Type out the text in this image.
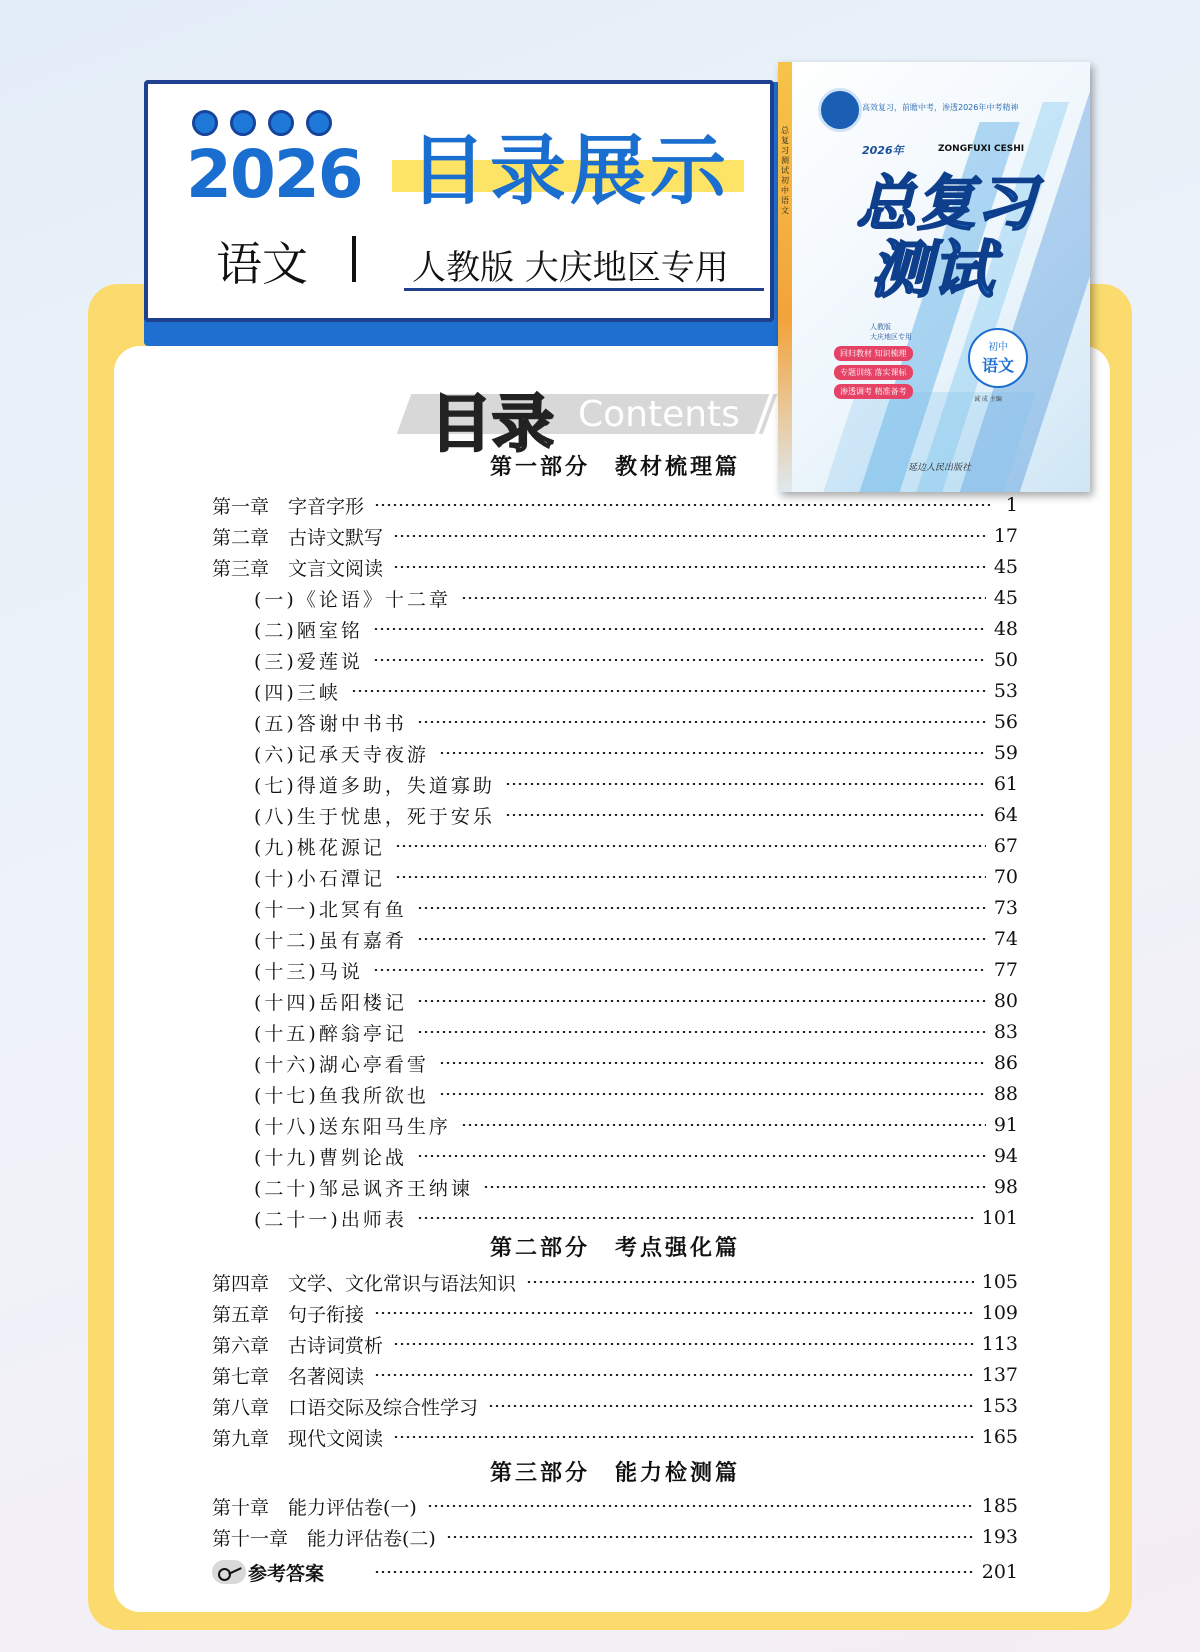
2026 目录展示
语文	人教版 大庆地区专用
目录 Contents
总复习测试初中语文
高效复习，前瞻中考，渗透2026年中考精神
2026年	ZONGFUXI CESHI
总复习
测试
人教版
大庆地区专用
回归教材 知识梳理
专题训练 落实课标
渗透调考 精准备考
初中
语文
诚 成 主编
延边人民出版社
第一部分　教材梳理篇
第一章　字音字形	1
第二章　古诗文默写	17
第三章　文言文阅读	45
(一)《论语》十二章	45
(二)陋室铭	48
(三)爱莲说	50
(四)三峡	53
(五)答谢中书书	56
(六)记承天寺夜游	59
(七)得道多助，失道寡助	61
(八)生于忧患，死于安乐	64
(九)桃花源记	67
(十)小石潭记	70
(十一)北冥有鱼	73
(十二)虽有嘉肴	74
(十三)马说	77
(十四)岳阳楼记	80
(十五)醉翁亭记	83
(十六)湖心亭看雪	86
(十七)鱼我所欲也	88
(十八)送东阳马生序	91
(十九)曹刿论战	94
(二十)邹忌讽齐王纳谏	98
(二十一)出师表	101
第二部分　考点强化篇
第四章　文学、文化常识与语法知识	105
第五章　句子衔接	109
第六章　古诗词赏析	113
第七章　名著阅读	137
第八章　口语交际及综合性学习	153
第九章　现代文阅读	165
第三部分　能力检测篇
第十章　能力评估卷(一)	185
第十一章　能力评估卷(二)	193
参考答案	201
